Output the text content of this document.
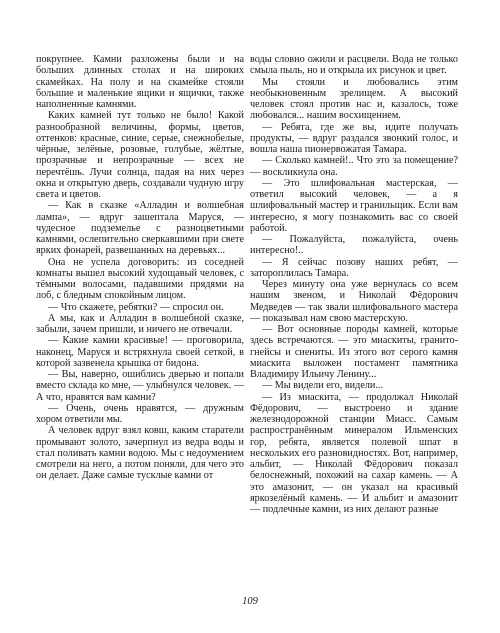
покрупнее. Камни разложены были и на больших длинных столах и на широких скамейках. На полу и на скамейке стояли большие и маленькие ящики и ящички, также наполненные камнями.

Каких камней тут только не было! Какой разнообразной величины, формы, цветов, оттенков: красные, синие, серые, снежнобелые, чёрные, зелёные, розовые, голубые, жёлтые, прозрачные и непрозрачные — всех не перечтёшь. Лучи солнца, падая на них через окна и открытую дверь, создавали чудную игру света и цветов.

— Как в сказке «Алладин и волшебная лампа», — вдруг зашептала Маруся, — чудесное подземелье с разноцветными камнями, ослепительно сверкавшими при свете ярких фонарей, развешанных на деревьях...

Она не успела договорить: из соседней комнаты вышел высокий худощавый человек, с тёмными волосами, падавшими прядями на лоб, с бледным спокойным лицом.

— Что скажете, ребятки? — спросил он.

А мы, как и Алладин в волшебной сказке, забыли, зачем пришли, и ничего не отвечали.

— Какие камни красивые! — проговорила, наконец, Маруся и встряхнула своей сеткой, в которой зазвенела крышка от бидона.

— Вы, наверно, ошиблись дверью и попали вместо склада ко мне, — улыбнулся человек. — А что, нравятся вам камни?

— Очень, очень нравятся, — дружным хором ответили мы.

А человек вдруг взял ковш, каким старатели промывают золото, зачерпнул из ведра воды и стал поливать камни водою. Мы с недоумением смотрели на него, а потом поняли, для чего это он делает. Даже самые тусклые камни от

воды словно ожили и расцвели. Вода не только смыла пыль, но и открыла их рисунок и цвет.

Мы стояли и любовались этим необыкновенным зрелищем. А высокий человек стоял против нас и, казалось, тоже любовался... нашим восхищением.

— Ребята, где же вы, идите получать продукты, — вдруг раздался звонкий голос, и вошла наша пионервожатая Тамара.

— Сколько камней!.. Что это за помещение? — воскликнула она.

— Это шлифовальная мастерская, — ответил высокий человек, — а я шлифовальный мастер и гранильщик. Если вам интересно, я могу познакомить вас со своей работой.

— Пожалуйста, пожалуйста, очень интересно!..

— Я сейчас позову наших ребят, — затороплилась Тамара.

Через минуту она уже вернулась со всем нашим звеном, и Николай Фёдорович Медведев — так звали шлифовального мастера — показывал нам свою мастерскую.

— Вот основные породы камней, которые здесь встречаются. — это миаскиты, гранито-гнейсы и сиениты. Из этого вот серого камня миаскита выложен постамент памятника Владимиру Ильичу Ленину...

— Мы видели его, видели...

— Из миаскита, — продолжал Николай Фёдорович, — выстроено и здание железнодорожной станции Миасс. Самым распространённым минералом Ильменских гор, ребята, является полевой шпат в нескольких его разновидностях. Вот, например, альбит, — Николай Фёдорович показал белоснежный, похожий на сахар камень. — А это амазонит, — он указал на красивый яркозелёный камень. — И альбит и амазонит — подлечные камни, из них делают разные

109
